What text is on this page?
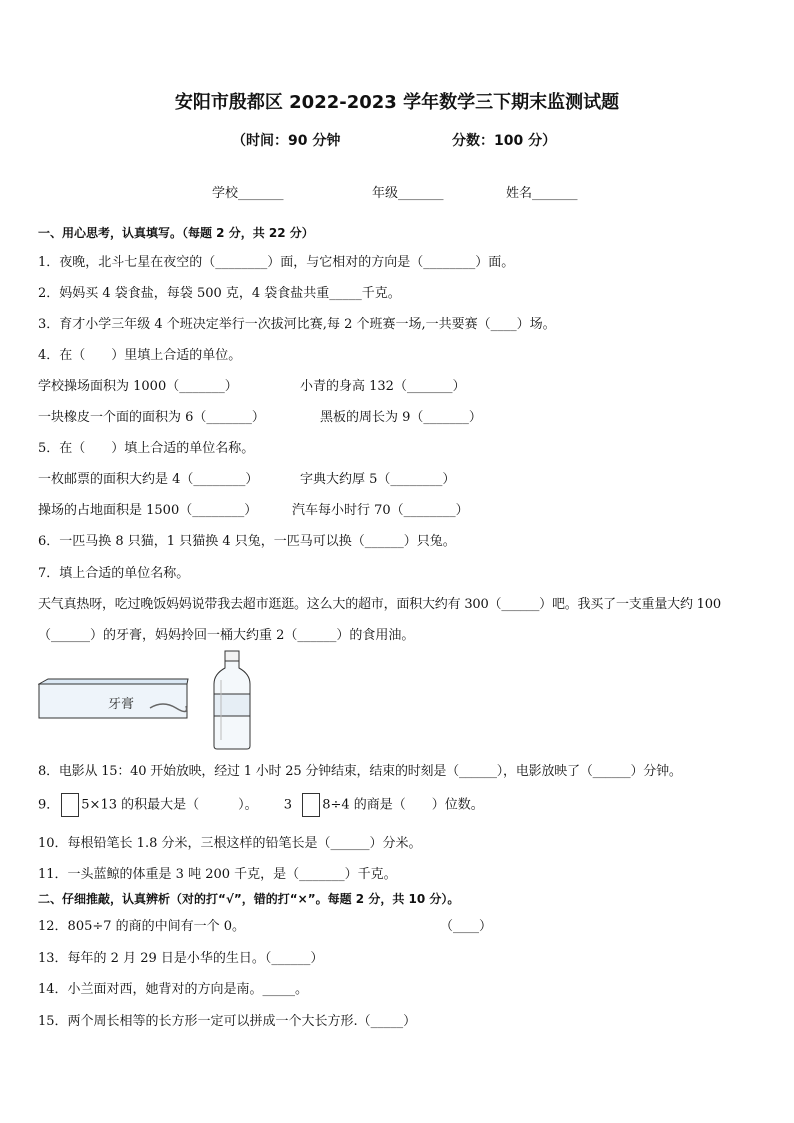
安阳市殷都区 2022-2023 学年数学三下期末监测试题
（时间：90 分钟	分数：100 分）
学校_______	年级_______	姓名_______
一、用心思考，认真填写。（每题 2 分，共 22 分）
1．夜晚，北斗七星在夜空的（________）面，与它相对的方向是（________）面。
2．妈妈买 4 袋食盐，每袋 500 克，4 袋食盐共重_____千克。
3．育才小学三年级 4 个班决定举行一次拔河比赛,每 2 个班赛一场,一共要赛（____）场。
4．在（　　）里填上合适的单位。
学校操场面积为 1000（_______）	小青的身高 132（_______）
一块橡皮一个面的面积为 6（_______）	黑板的周长为 9（_______）
5．在（　　）填上合适的单位名称。
一枚邮票的面积大约是 4（________）	字典大约厚 5（________）
操场的占地面积是 1500（________）	汽车每小时行 70（________）
6．一匹马换 8 只猫，1 只猫换 4 只兔，一匹马可以换（______）只兔。
7．填上合适的单位名称。
天气真热呀，吃过晚饭妈妈说带我去超市逛逛。这么大的超市，面积大约有 300（______）吧。我买了一支重量大约 100
（______）的牙膏，妈妈拎回一桶大约重 2（______）的食用油。
牙膏
8．电影从 15：40 开始放映，经过 1 小时 25 分钟结束，结束的时刻是（______），电影放映了（______）分钟。
9． 5×13 的积最大是（　　　）。 3 8÷4 的商是（　　）位数。
10．每根铅笔长 1.8 分米，三根这样的铅笔长是（______）分米。
11．一头蓝鲸的体重是 3 吨 200 千克，是（_______）千克。
二、仔细推敲，认真辨析（对的打“√”，错的打“×”。每题 2 分，共 10 分）。
12．805÷7 的商的中间有一个 0。	（____）
13．每年的 2 月 29 日是小华的生日。（______）
14．小兰面对西，她背对的方向是南。_____。
15．两个周长相等的长方形一定可以拼成一个大长方形.（_____）
